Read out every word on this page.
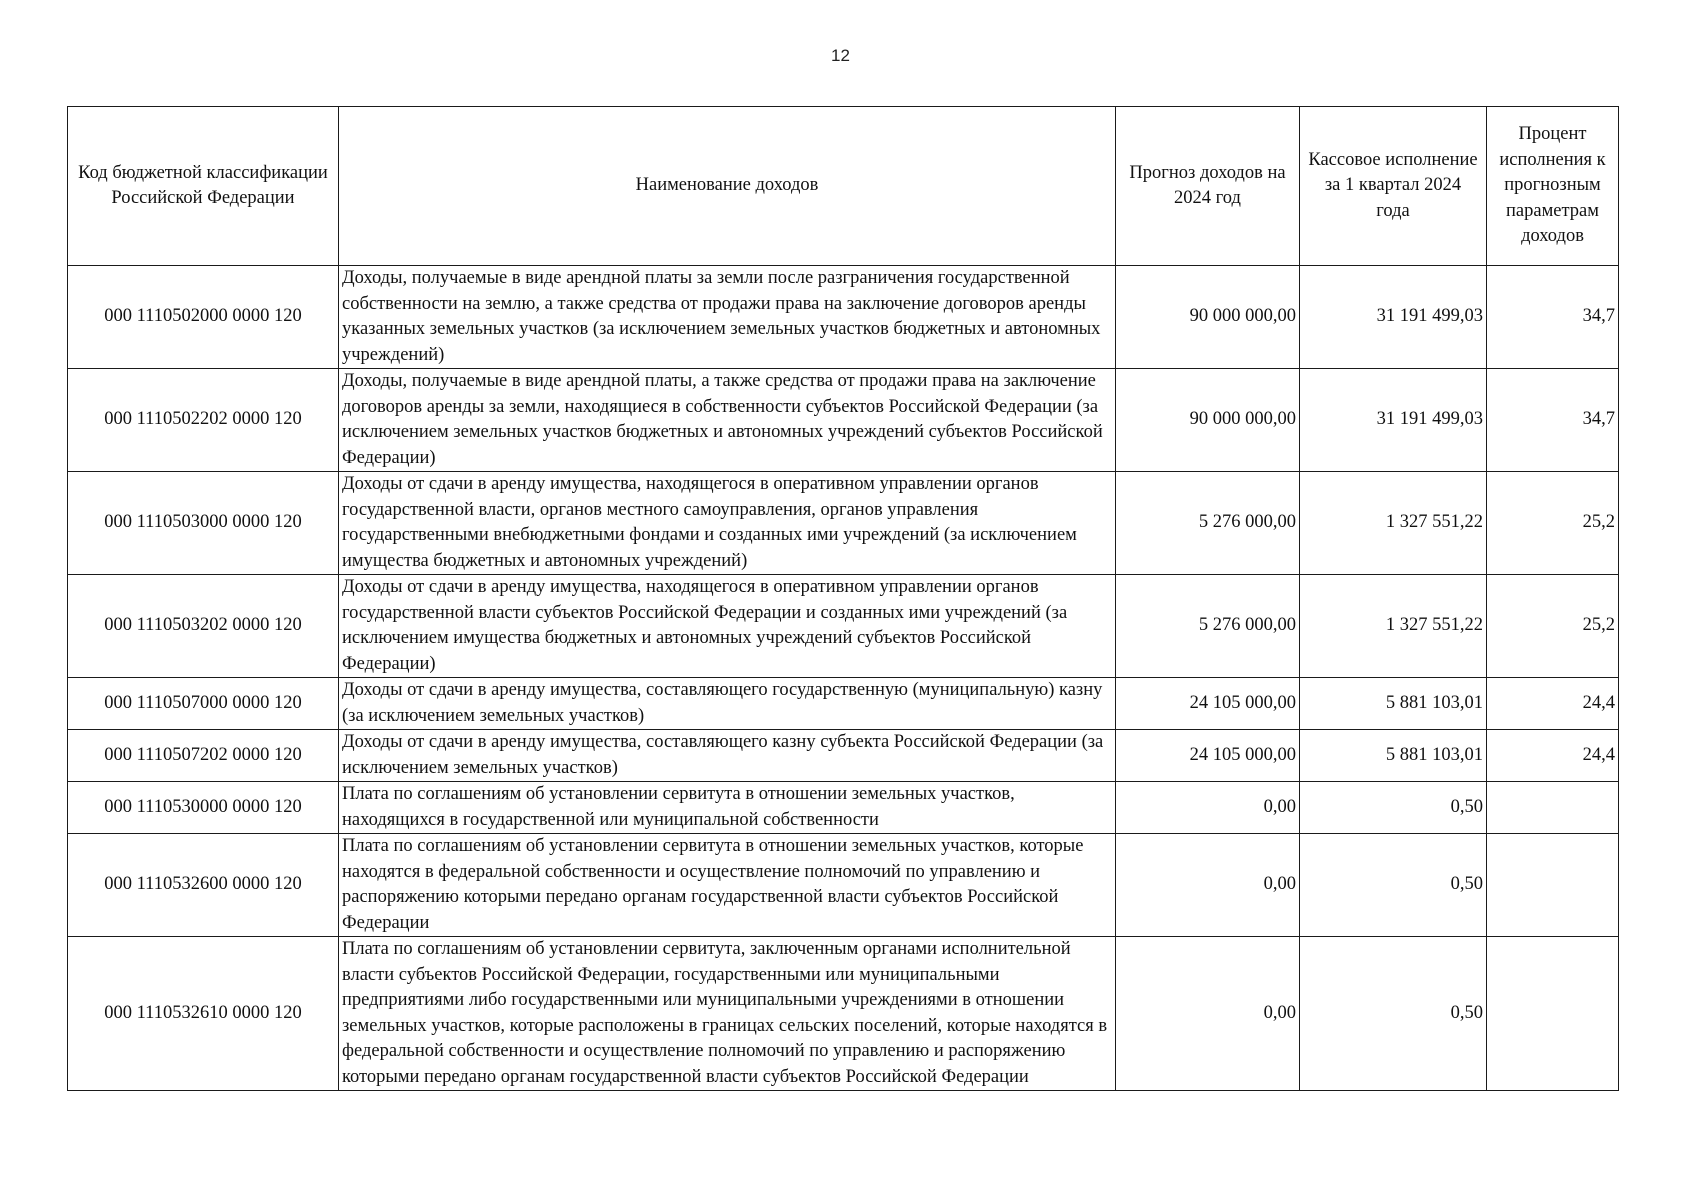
12
Код бюджетной классификации Российской Федерации	Наименование доходов	Прогноз доходов на 2024 год	Кассовое исполнение за 1 квартал 2024 года	Процент исполнения к прогнозным параметрам доходов
000 1110502000 0000 120	Доходы, получаемые в виде арендной платы за земли после разграничения государственной собственности на землю, а также средства от продажи права на заключение договоров аренды указанных земельных участков (за исключением земельных участков бюджетных и автономных учреждений)	90 000 000,00	31 191 499,03	34,7
000 1110502202 0000 120	Доходы, получаемые в виде арендной платы, а также средства от продажи права на заключение договоров аренды за земли, находящиеся в собственности субъектов Российской Федерации (за исключением земельных участков бюджетных и автономных учреждений субъектов Российской Федерации)	90 000 000,00	31 191 499,03	34,7
000 1110503000 0000 120	Доходы от сдачи в аренду имущества, находящегося в оперативном управлении органов государственной власти, органов местного самоуправления, органов управления государственными внебюджетными фондами и созданных ими учреждений (за исключением имущества бюджетных и автономных учреждений)	5 276 000,00	1 327 551,22	25,2
000 1110503202 0000 120	Доходы от сдачи в аренду имущества, находящегося в оперативном управлении органов государственной власти субъектов Российской Федерации и созданных ими учреждений (за исключением имущества бюджетных и автономных учреждений субъектов Российской Федерации)	5 276 000,00	1 327 551,22	25,2
000 1110507000 0000 120	Доходы от сдачи в аренду имущества, составляющего государственную (муниципальную) казну (за исключением земельных участков)	24 105 000,00	5 881 103,01	24,4
000 1110507202 0000 120	Доходы от сдачи в аренду имущества, составляющего казну субъекта Российской Федерации (за исключением земельных участков)	24 105 000,00	5 881 103,01	24,4
000 1110530000 0000 120	Плата по соглашениям об установлении сервитута в отношении земельных участков, находящихся в государственной или муниципальной собственности	0,00	0,50	
000 1110532600 0000 120	Плата по соглашениям об установлении сервитута в отношении земельных участков, которые находятся в федеральной собственности и осуществление полномочий по управлению и распоряжению которыми передано органам государственной власти субъектов Российской Федерации	0,00	0,50	
000 1110532610 0000 120	Плата по соглашениям об установлении сервитута, заключенным органами исполнительной власти субъектов Российской Федерации, государственными или муниципальными предприятиями либо государственными или муниципальными учреждениями в отношении земельных участков, которые расположены в границах сельских поселений, которые находятся в федеральной собственности и осуществление полномочий по управлению и распоряжению которыми передано органам государственной власти субъектов Российской Федерации	0,00	0,50	
